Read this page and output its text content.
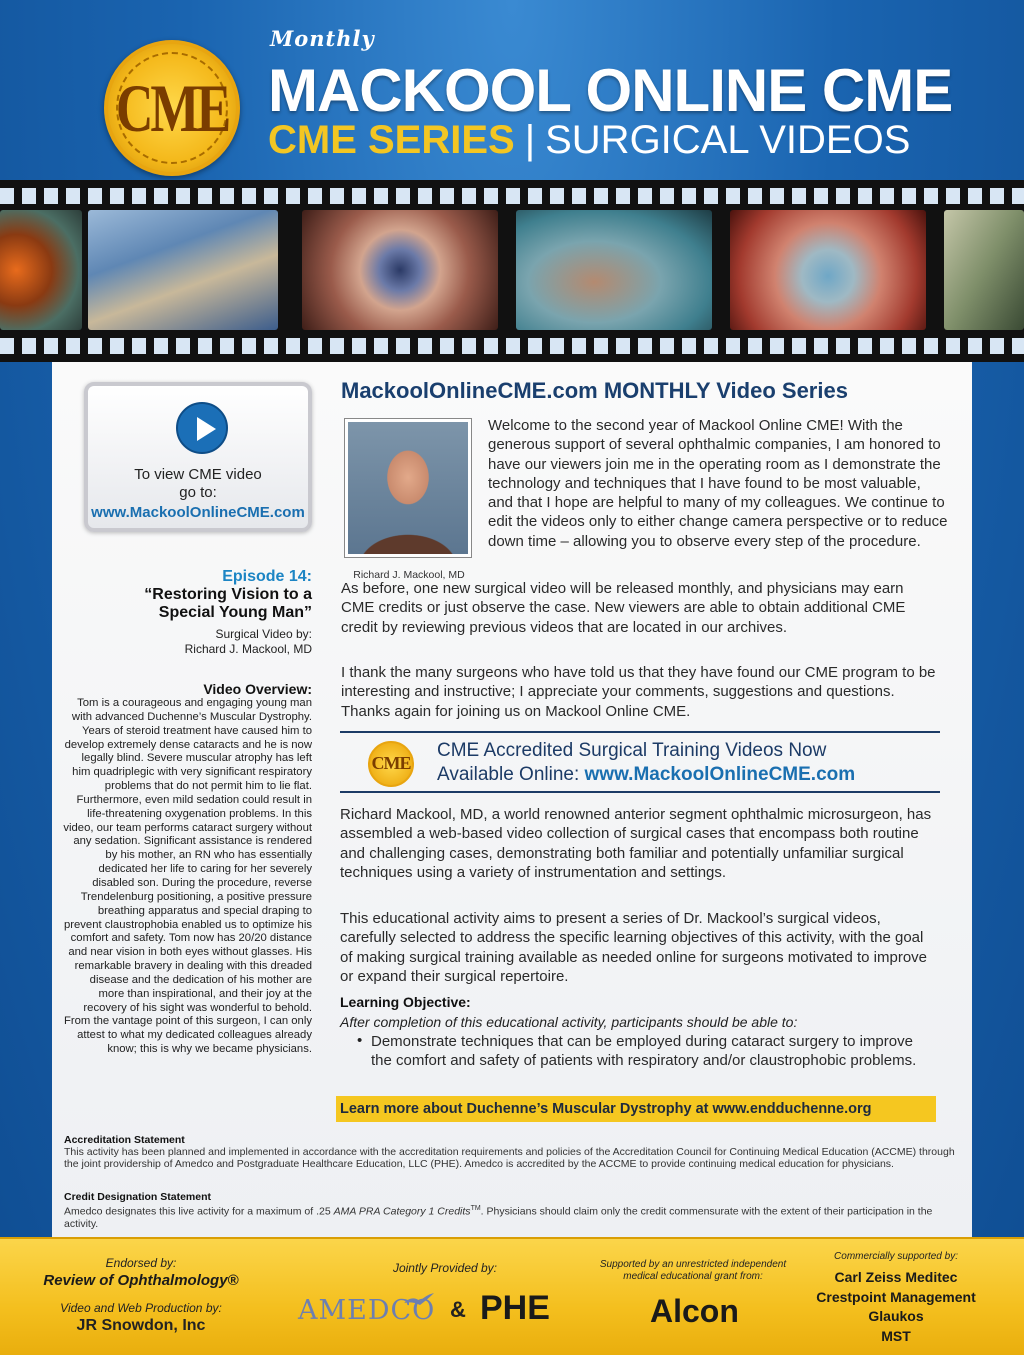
CME
Monthly
MACKOOL ONLINE CME
CME SERIES | SURGICAL VIDEOS
To view CME video
go to:
www.MackoolOnlineCME.com
Episode 14:
“Restoring Vision to a
Special Young Man”
Surgical Video by:
Richard J. Mackool, MD
Video Overview:
Tom is a courageous and engaging young man with advanced Duchenne’s Muscular Dystrophy. Years of steroid treatment have caused him to develop extremely dense cataracts and he is now legally blind. Severe muscular atrophy has left him quadriplegic with very significant respiratory problems that do not permit him to lie flat. Furthermore, even mild sedation could result in life-threatening oxygenation problems. In this video, our team performs cataract surgery without any sedation. Significant assistance is rendered by his mother, an RN who has essentially dedicated her life to caring for her severely disabled son. During the procedure, reverse Trendelenburg positioning, a positive pressure breathing apparatus and special draping to prevent claustrophobia enabled us to optimize his comfort and safety. Tom now has 20/20 distance and near vision in both eyes without glasses. His remarkable bravery in dealing with this dreaded disease and the dedication of his mother are more than inspirational, and their joy at the recovery of his sight was wonderful to behold. From the vantage point of this surgeon, I can only attest to what my dedicated colleagues already know; this is why we became physicians.
MackoolOnlineCME.com MONTHLY Video Series
Richard J. Mackool, MD
Welcome to the second year of Mackool Online CME! With the generous support of several ophthalmic companies, I am honored to have our viewers join me in the operating room as I demonstrate the technology and techniques that I have found to be most valuable, and that I hope are helpful to many of my colleagues. We continue to edit the videos only to either change camera perspective or to reduce down time – allowing you to observe every step of the procedure.
As before, one new surgical video will be released monthly, and physicians may earn CME credits or just observe the case. New viewers are able to obtain additional CME credit by reviewing previous videos that are located in our archives.
I thank the many surgeons who have told us that they have found our CME program to be interesting and instructive; I appreciate your comments, suggestions and questions. Thanks again for joining us on Mackool Online CME.
CME
CME Accredited Surgical Training Videos Now
Available Online: www.MackoolOnlineCME.com
Richard Mackool, MD, a world renowned anterior segment ophthalmic microsurgeon, has assembled a web-based video collection of surgical cases that encompass both routine and challenging cases, demonstrating both familiar and potentially unfamiliar surgical techniques using a variety of instrumentation and settings.
This educational activity aims to present a series of Dr. Mackool’s surgical videos, carefully selected to address the specific learning objectives of this activity, with the goal of making surgical training available as needed online for surgeons motivated to improve or expand their surgical repertoire.
Learning Objective:
After completion of this educational activity, participants should be able to:
• Demonstrate techniques that can be employed during cataract surgery to improve the comfort and safety of patients with respiratory and/or claustrophobic problems.
Learn more about Duchenne’s Muscular Dystrophy at www.endduchenne.org
Accreditation Statement
This activity has been planned and implemented in accordance with the accreditation requirements and policies of the Accreditation Council for Continuing Medical Education (ACCME) through the joint providership of Amedco and Postgraduate Healthcare Education, LLC (PHE). Amedco is accredited by the ACCME to provide continuing medical education for physicians.
Credit Designation Statement
Amedco designates this live activity for a maximum of .25 AMA PRA Category 1 Credits™. Physicians should claim only the credit commensurate with the extent of their participation in the activity.
Endorsed by:
Review of Ophthalmology®
Video and Web Production by:
JR Snowdon, Inc
Jointly Provided by:
AMEDCO & PHE
Supported by an unrestricted independent medical educational grant from:
Alcon
Commercially supported by:
Carl Zeiss Meditec
Crestpoint Management
Glaukos
MST
